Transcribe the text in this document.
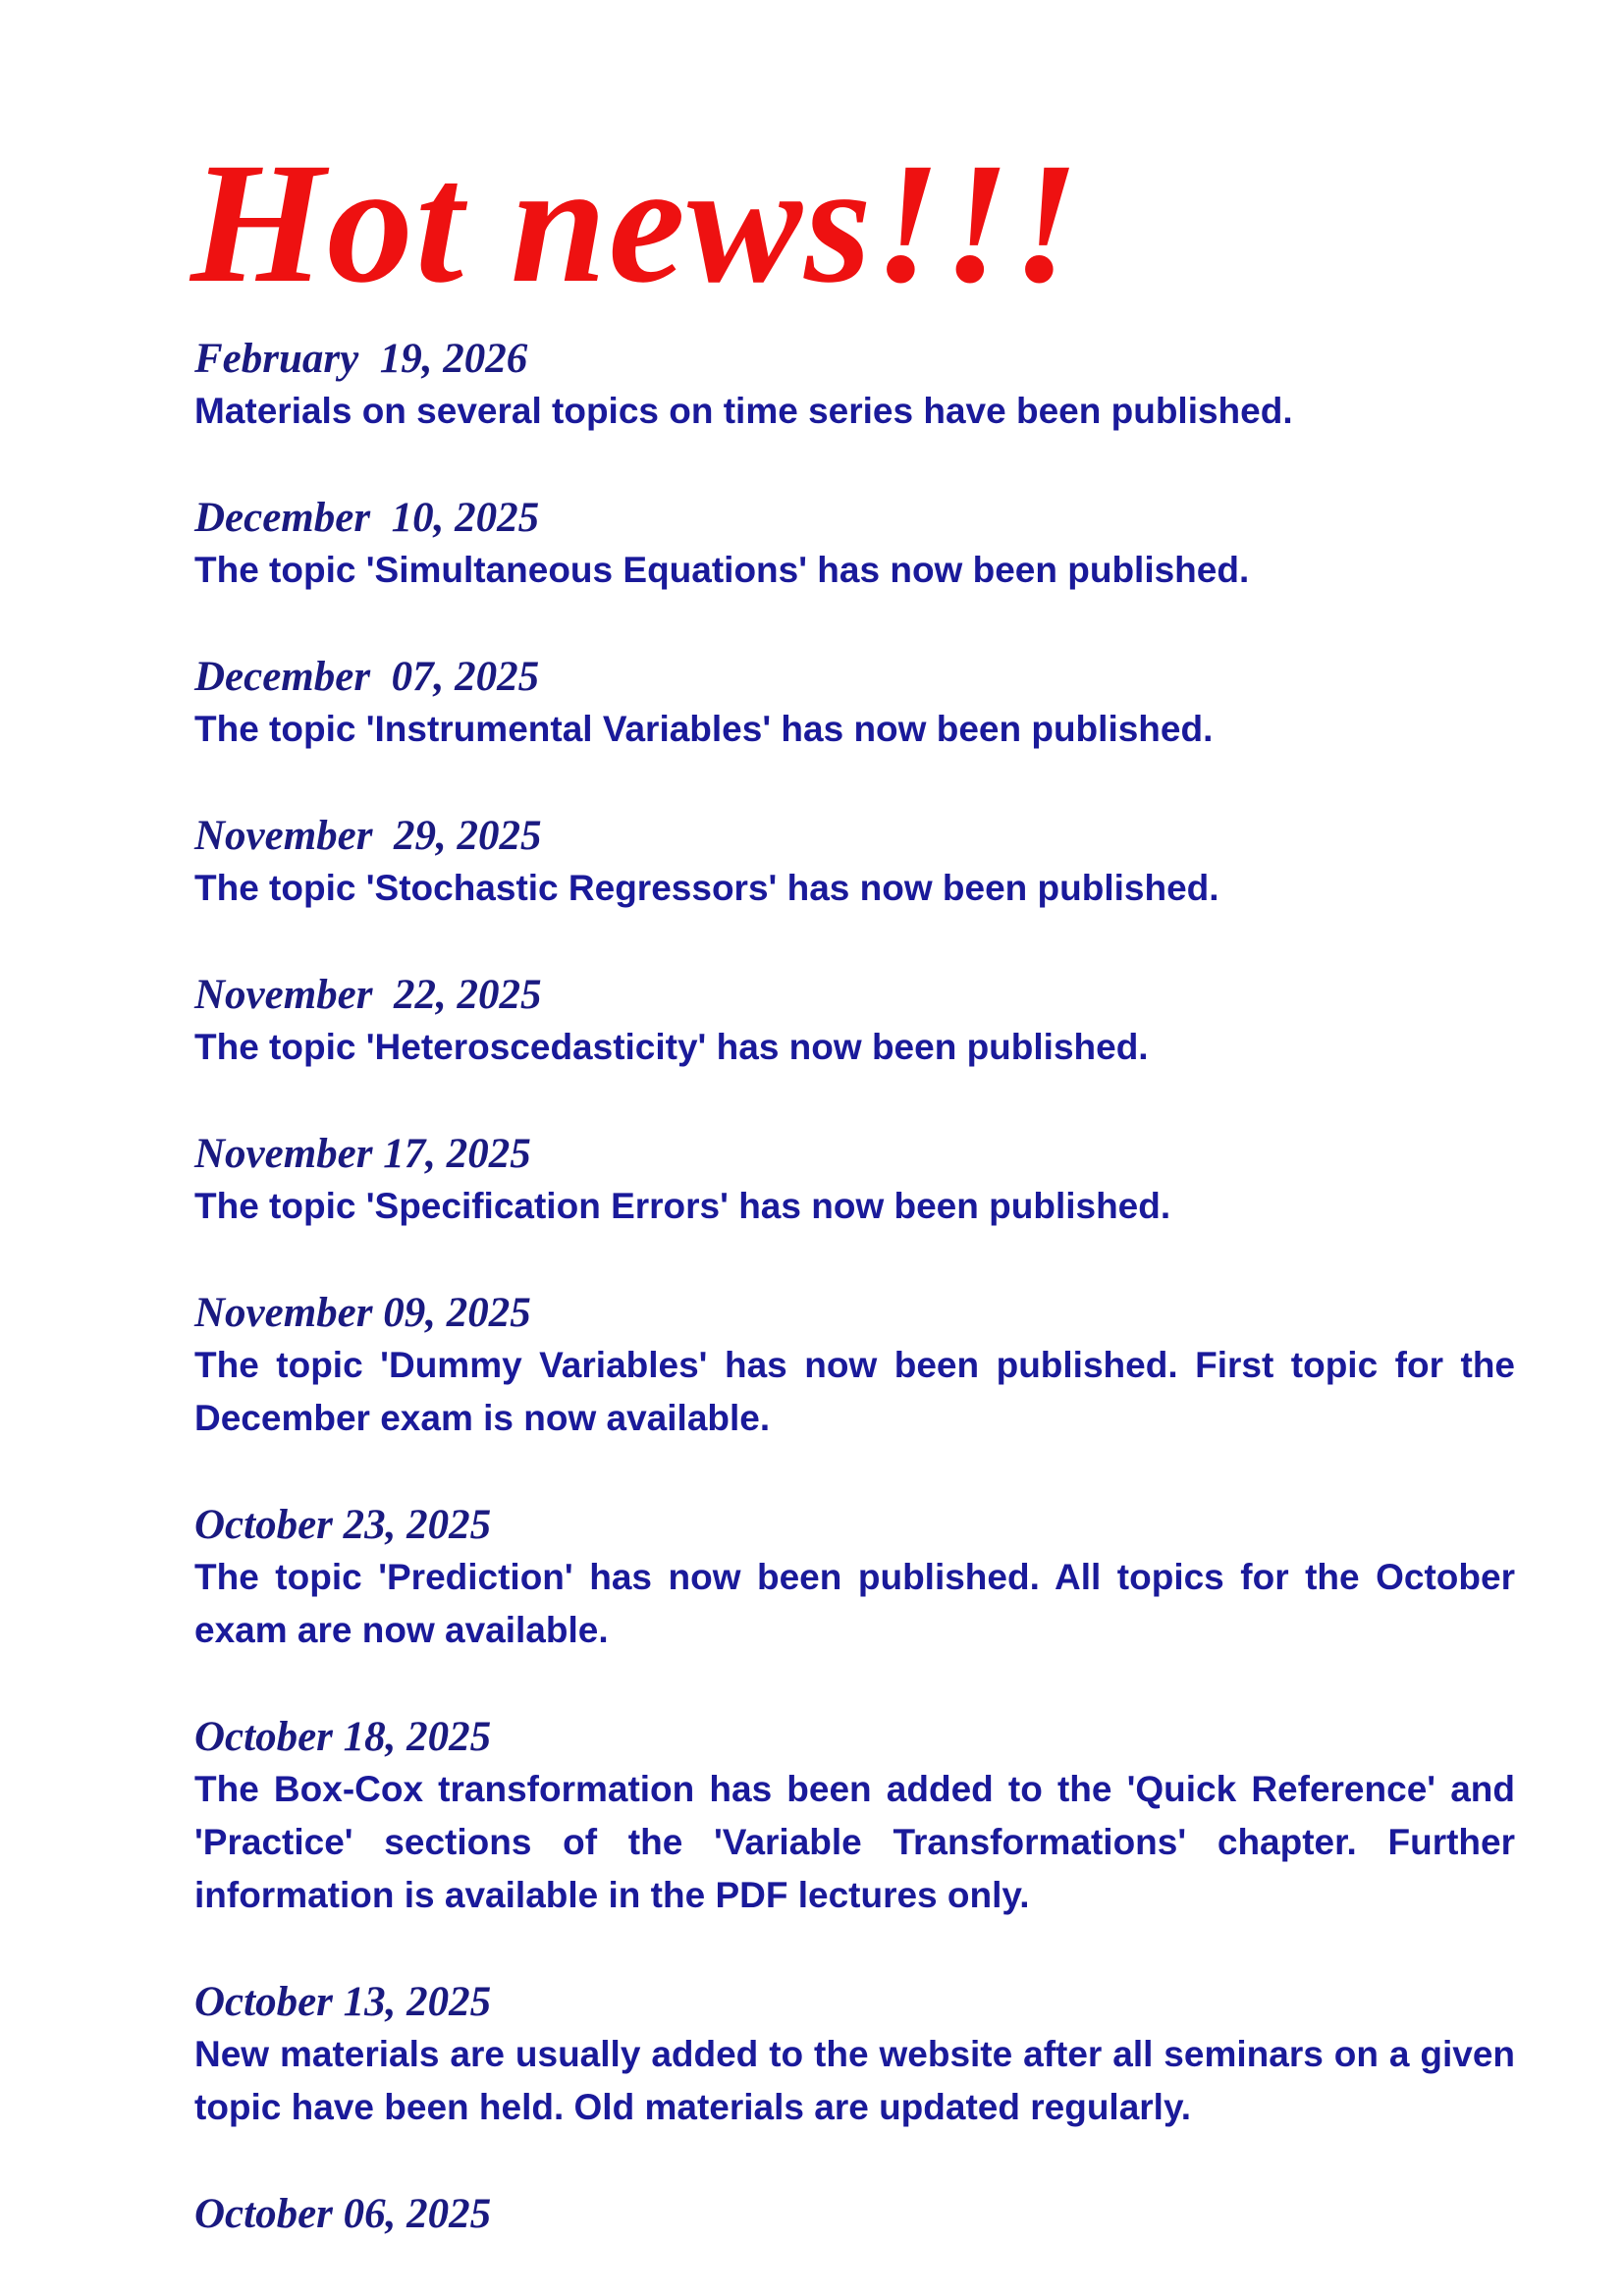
Hot news!!!
February  19, 2026
Materials on several topics on time series have been published.
December  10, 2025
The topic 'Simultaneous Equations' has now been published.
December  07, 2025
The topic 'Instrumental Variables' has now been published.
November  29, 2025
The topic 'Stochastic Regressors' has now been published.
November  22, 2025
The topic 'Heteroscedasticity' has now been published.
November 17, 2025
The topic 'Specification Errors' has now been published.
November 09, 2025
The topic 'Dummy Variables' has now been published. First topic for the December exam is now available.
October 23, 2025
The topic 'Prediction' has now been published. All topics for the October exam are now available.
October 18, 2025
The Box-Cox transformation has been added to the 'Quick Reference' and 'Practice' sections of the 'Variable Transformations' chapter. Further information is available in the PDF lectures only.
October 13, 2025
New materials are usually added to the website after all seminars on a given topic have been held. Old materials are updated regularly.
October 06, 2025
